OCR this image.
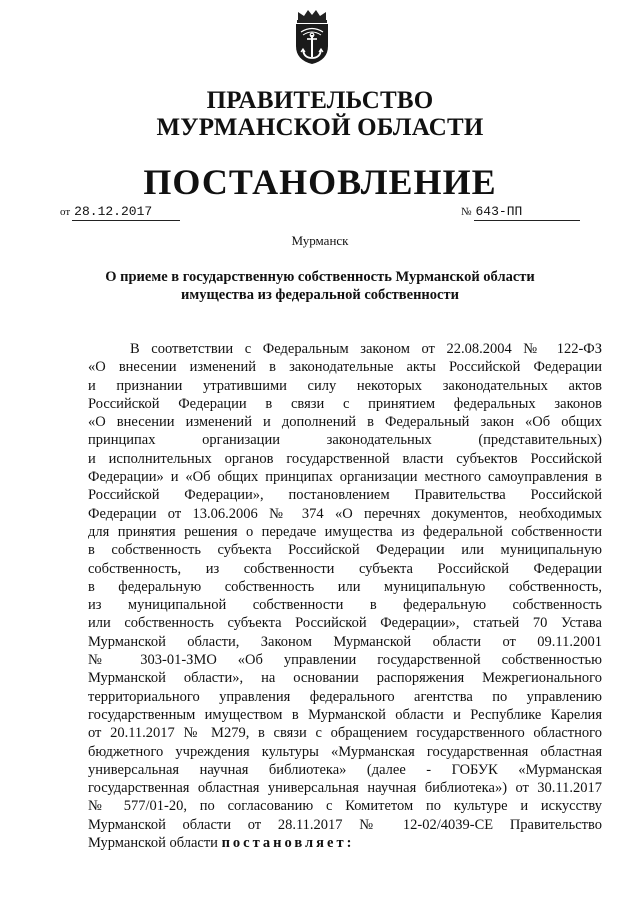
ПРАВИТЕЛЬСТВО
МУРМАНСКОЙ ОБЛАСТИ
ПОСТАНОВЛЕНИЕ
от 28.12.2017	№ 643-ПП
Мурманск
О приеме в государственную собственность Мурманской области
имущества из федеральной собственности
В соответствии с Федеральным законом от 22.08.2004 № 122-ФЗ
«О внесении изменений в законодательные акты Российской Федерации
и признании утратившими силу некоторых законодательных актов
Российской Федерации в связи с принятием федеральных законов
«О внесении изменений и дополнений в Федеральный закон «Об общих
принципах организации законодательных (представительных)
и исполнительных органов государственной власти субъектов Российской
Федерации» и «Об общих принципах организации местного самоуправления в
Российской Федерации», постановлением Правительства Российской
Федерации от 13.06.2006 № 374 «О перечнях документов, необходимых
для принятия решения о передаче имущества из федеральной собственности
в собственность субъекта Российской Федерации или муниципальную
собственность, из собственности субъекта Российской Федерации
в федеральную собственность или муниципальную собственность,
из муниципальной собственности в федеральную собственность
или собственность субъекта Российской Федерации», статьей 70 Устава
Мурманской области, Законом Мурманской области от 09.11.2001
№ 303-01-ЗМО «Об управлении государственной собственностью
Мурманской области», на основании распоряжения Межрегионального
территориального управления федерального агентства по управлению
государственным имуществом в Мурманской области и Республике Карелия
от 20.11.2017 № М279, в связи с обращением государственного областного
бюджетного учреждения культуры «Мурманская государственная областная
универсальная научная библиотека» (далее - ГОБУК «Мурманская
государственная областная универсальная научная библиотека») от 30.11.2017
№ 577/01-20, по согласованию с Комитетом по культуре и искусству
Мурманской области от 28.11.2017 № 12-02/4039-СЕ Правительство
Мурманской области постановляет:
